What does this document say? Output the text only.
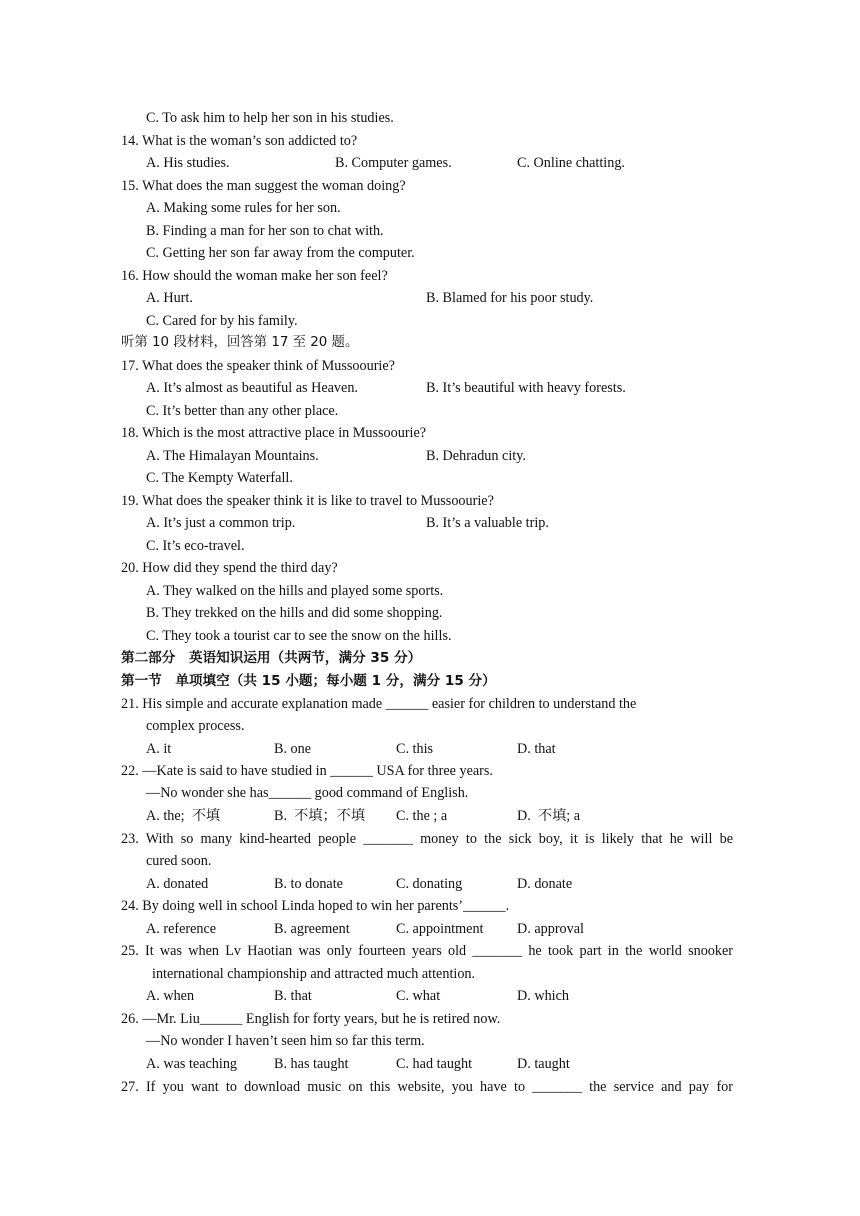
C. To ask him to help her son in his studies.
14. What is the woman’s son addicted to?
A. His studies.	B. Computer games.	C. Online chatting.
15. What does the man suggest the woman doing?
A. Making some rules for her son.
B. Finding a man for her son to chat with.
C. Getting her son far away from the computer.
16. How should the woman make her son feel?
A. Hurt.	B. Blamed for his poor study.
C. Cared for by his family.
听第 10 段材料，回答第 17 至 20 题。
17. What does the speaker think of Mussoourie?
A. It’s almost as beautiful as Heaven.	B. It’s beautiful with heavy forests.
C. It’s better than any other place.
18. Which is the most attractive place in Mussoourie?
A. The Himalayan Mountains.	B. Dehradun city.
C. The Kempty Waterfall.
19. What does the speaker think it is like to travel to Mussoourie?
A. It’s just a common trip.	B. It’s a valuable trip.
C. It’s eco-travel.
20. How did they spend the third day?
A. They walked on the hills and played some sports.
B. They trekked on the hills and did some shopping.
C. They took a tourist car to see the snow on the hills.
第二部分　英语知识运用（共两节，满分 35 分）
第一节　单项填空（共 15 小题；每小题 1 分，满分 15 分）
21. His simple and accurate explanation made ______ easier for children to understand the
complex process.
A. it	B. one	C. this	D. that
22. —Kate is said to have studied in ______ USA for three years.
—No wonder she has______ good command of English.
A. the;  不填	B.  不填；不填 C. the ; a	D.  不填; a
23. With so many kind-hearted people _______ money to the sick boy, it is likely that he will be
cured soon.
A. donated	B. to donate	C. donating	D. donate
24. By doing well in school Linda hoped to win her parents’______.
A. reference	B. agreement	C. appointment D. approval
25. It was when Lv Haotian was only fourteen years old _______ he took part in the world snooker
international championship and attracted much attention.
A. when	B. that	C. what	D. which
26. —Mr. Liu______ English for forty years, but he is retired now.
—No wonder I haven’t seen him so far this term.
A. was teaching	B. has taught	C. had taught	D. taught
27. If you want to download music on this website, you have to _______ the service and pay for
